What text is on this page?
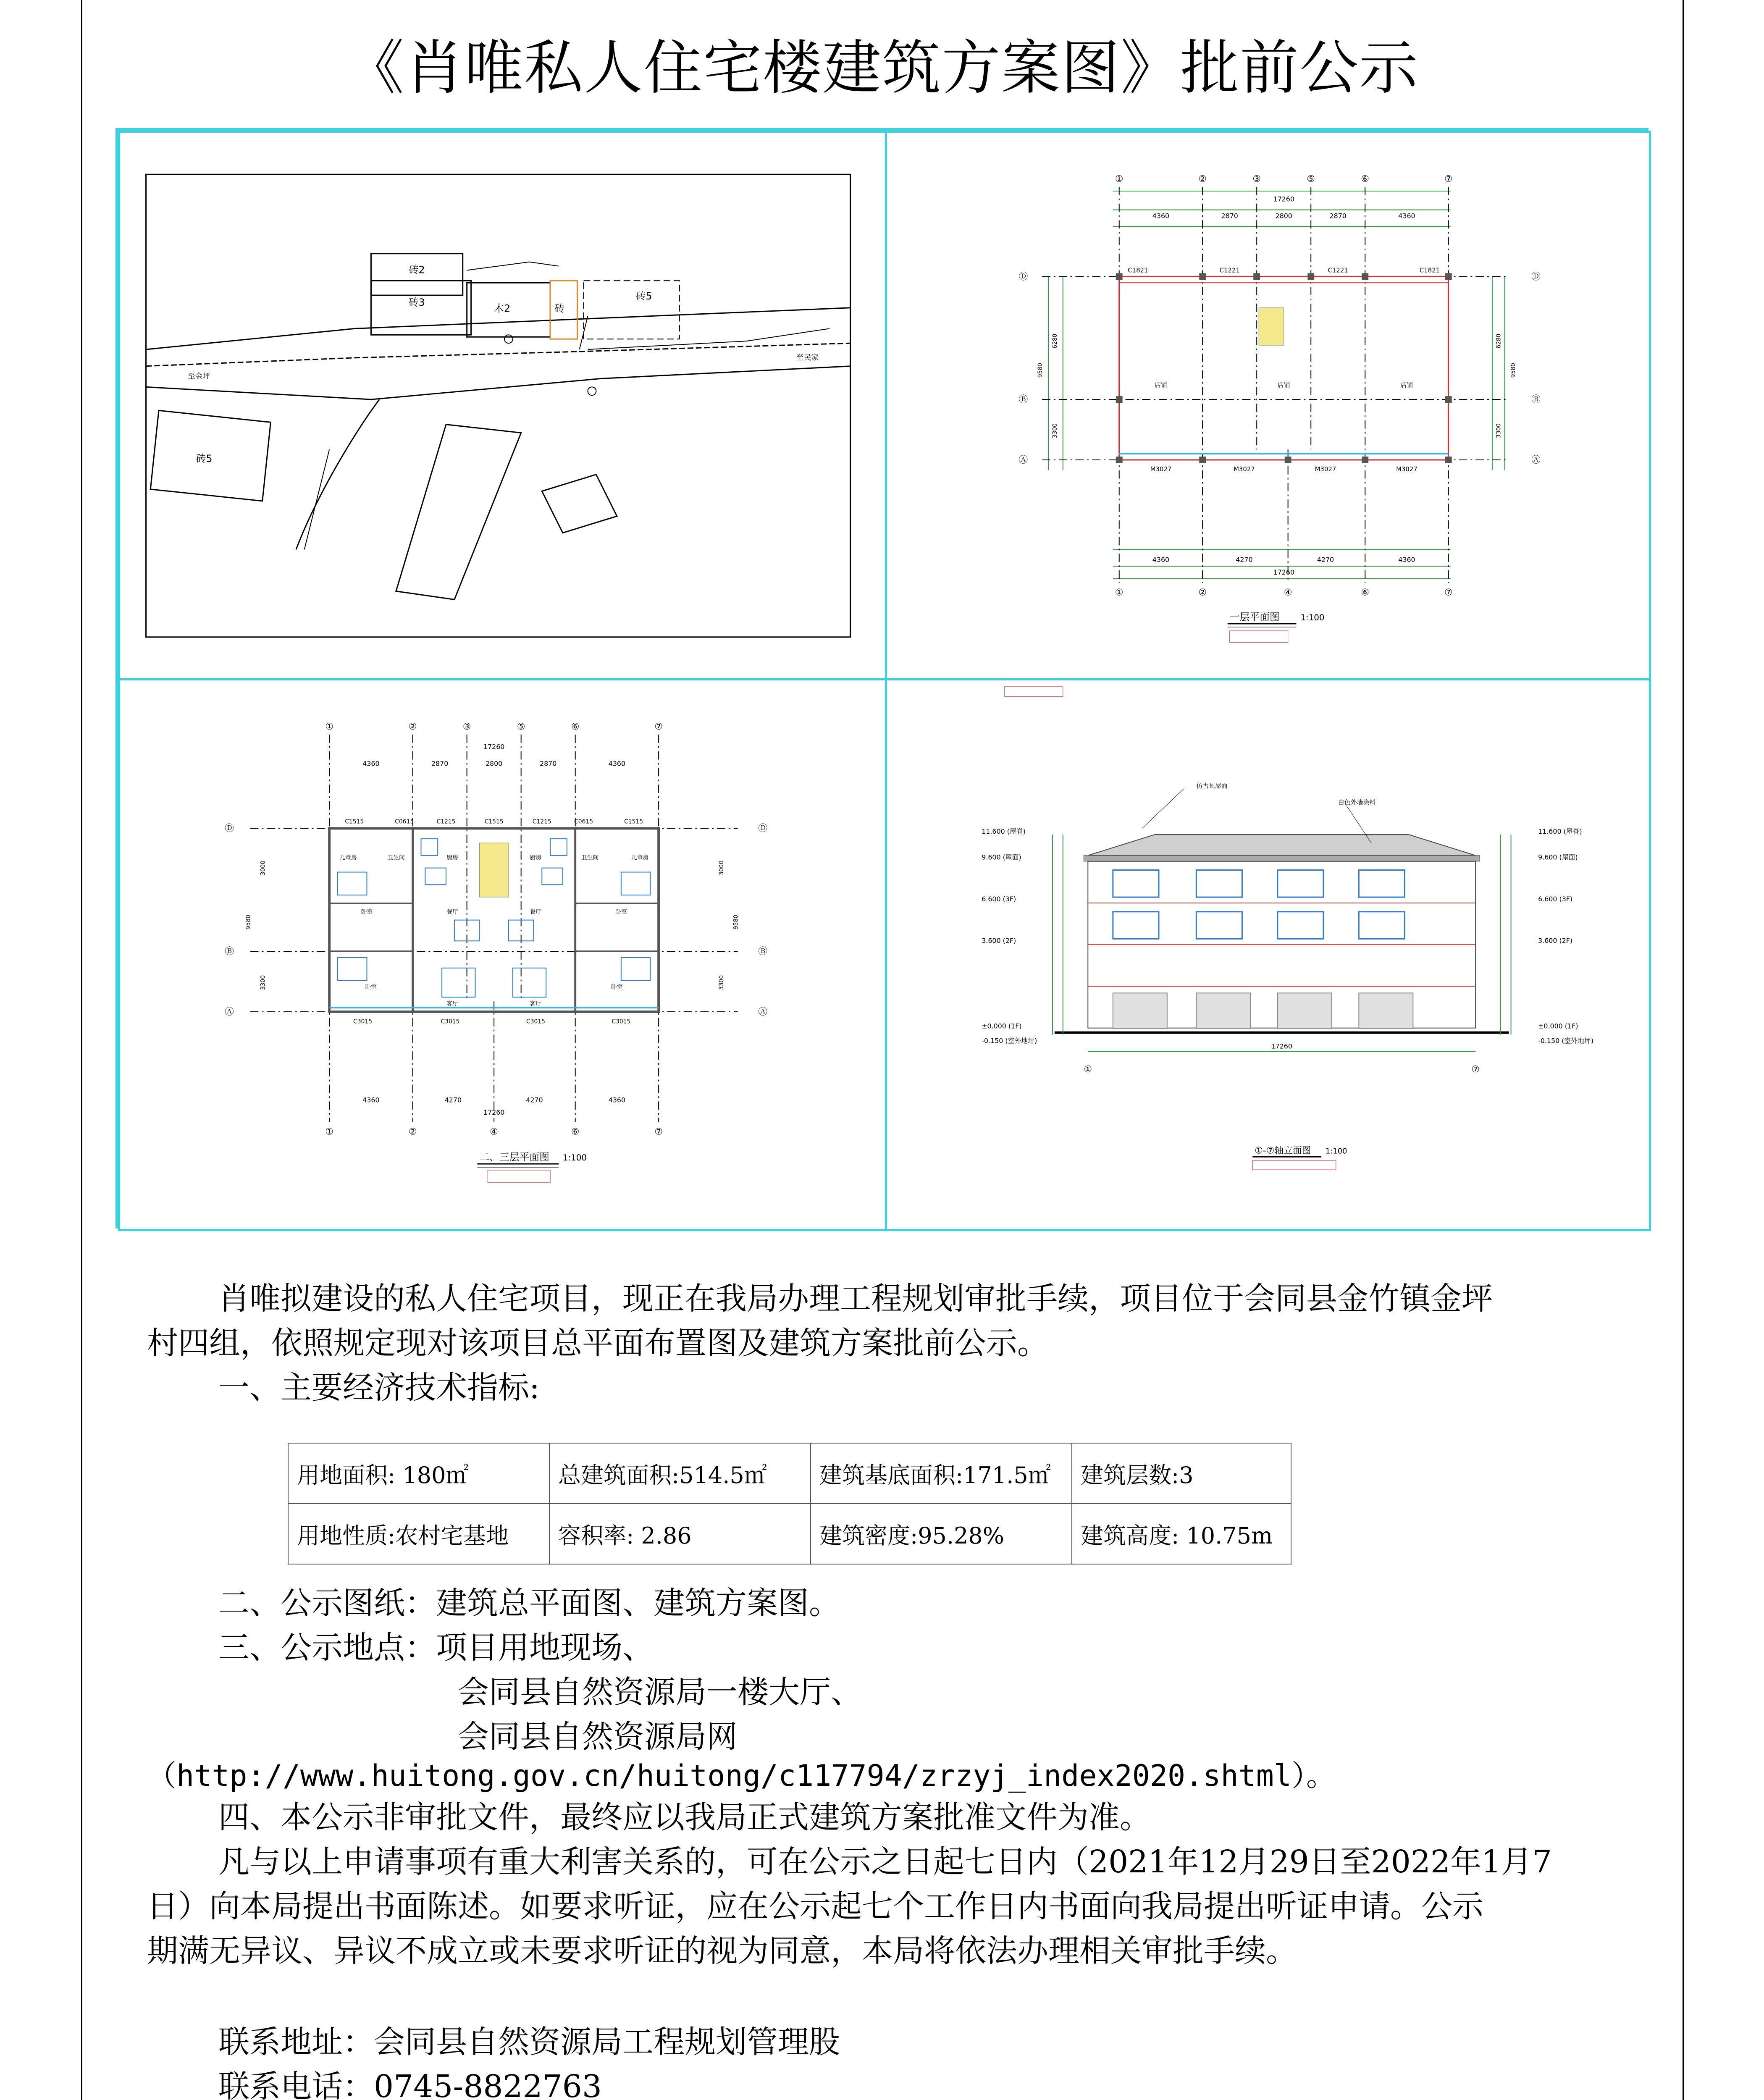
《肖唯私人住宅楼建筑方案图》批前公示
砖2
砖3
木2	砖
砖5
至金坪
至民家
砖5
①	②	③	⑤	⑥	⑦
17260
4360	2870	2800	2870	4360
C1821	C1221	C1221	C1821
店铺	店铺	店铺
M3027	M3027	M3027	M3027
4360	4270	4270	4360
17260
①	②	④	⑥	⑦
Ⓓ
Ⓑ
Ⓐ
Ⓓ
Ⓑ
Ⓐ
6280
3300
9580
6280
3300
9580
一层平面图 1:100
①	②	③	⑤	⑥	⑦
17260
4360	2870	2800	2870	4360
C1515	C0615	C1215	C1515	C1215	C0615	C1515
儿童房	卫生间	厨房	厨房	卫生间	儿童房
卧室	餐厅	餐厅	卧室
卧室
客厅	客厅
卧室
C3015	C3015	C3015	C3015
4360	4270	4270	4360
17260
①	②	④	⑥	⑦
Ⓓ
Ⓑ
Ⓐ
Ⓓ
Ⓑ
Ⓐ
3000
3300
9580
3000
3300
9580
二、三层平面图 1:100
仿古瓦屋面
白色外墙涂料
11.600 (屋脊)
9.600 (屋面)
6.600 (3F)
3.600 (2F)
±0.000 (1F)
-0.150 (室外地坪)
11.600 (屋脊)
9.600 (屋面)
6.600 (3F)
3.600 (2F)
±0.000 (1F)
-0.150 (室外地坪)
17260
①	⑦
①-⑦轴立面图 1:100
肖唯拟建设的私人住宅项目，现正在我局办理工程规划审批手续，项目位于会同县金竹镇金坪
村四组，依照规定现对该项目总平面布置图及建筑方案批前公示。
一、主要经济技术指标:
用地面积: 180㎡	总建筑面积:514.5㎡	建筑基底面积:171.5㎡	建筑层数:3
用地性质:农村宅基地	容积率: 2.86	建筑密度:95.28%	建筑高度: 10.75m
二、公示图纸：建筑总平面图、建筑方案图。
三、公示地点：项目用地现场、
会同县自然资源局一楼大厅、
会同县自然资源局网
（http://www.huitong.gov.cn/huitong/c117794/zrzyj_index2020.shtml）。
四、本公示非审批文件，最终应以我局正式建筑方案批准文件为准。
凡与以上申请事项有重大利害关系的，可在公示之日起七日内（2021年12月29日至2022年1月7
日）向本局提出书面陈述。如要求听证，应在公示起七个工作日内书面向我局提出听证申请。公示
期满无异议、异议不成立或未要求听证的视为同意，本局将依法办理相关审批手续。
联系地址：会同县自然资源局工程规划管理股
联系电话：0745-8822763
